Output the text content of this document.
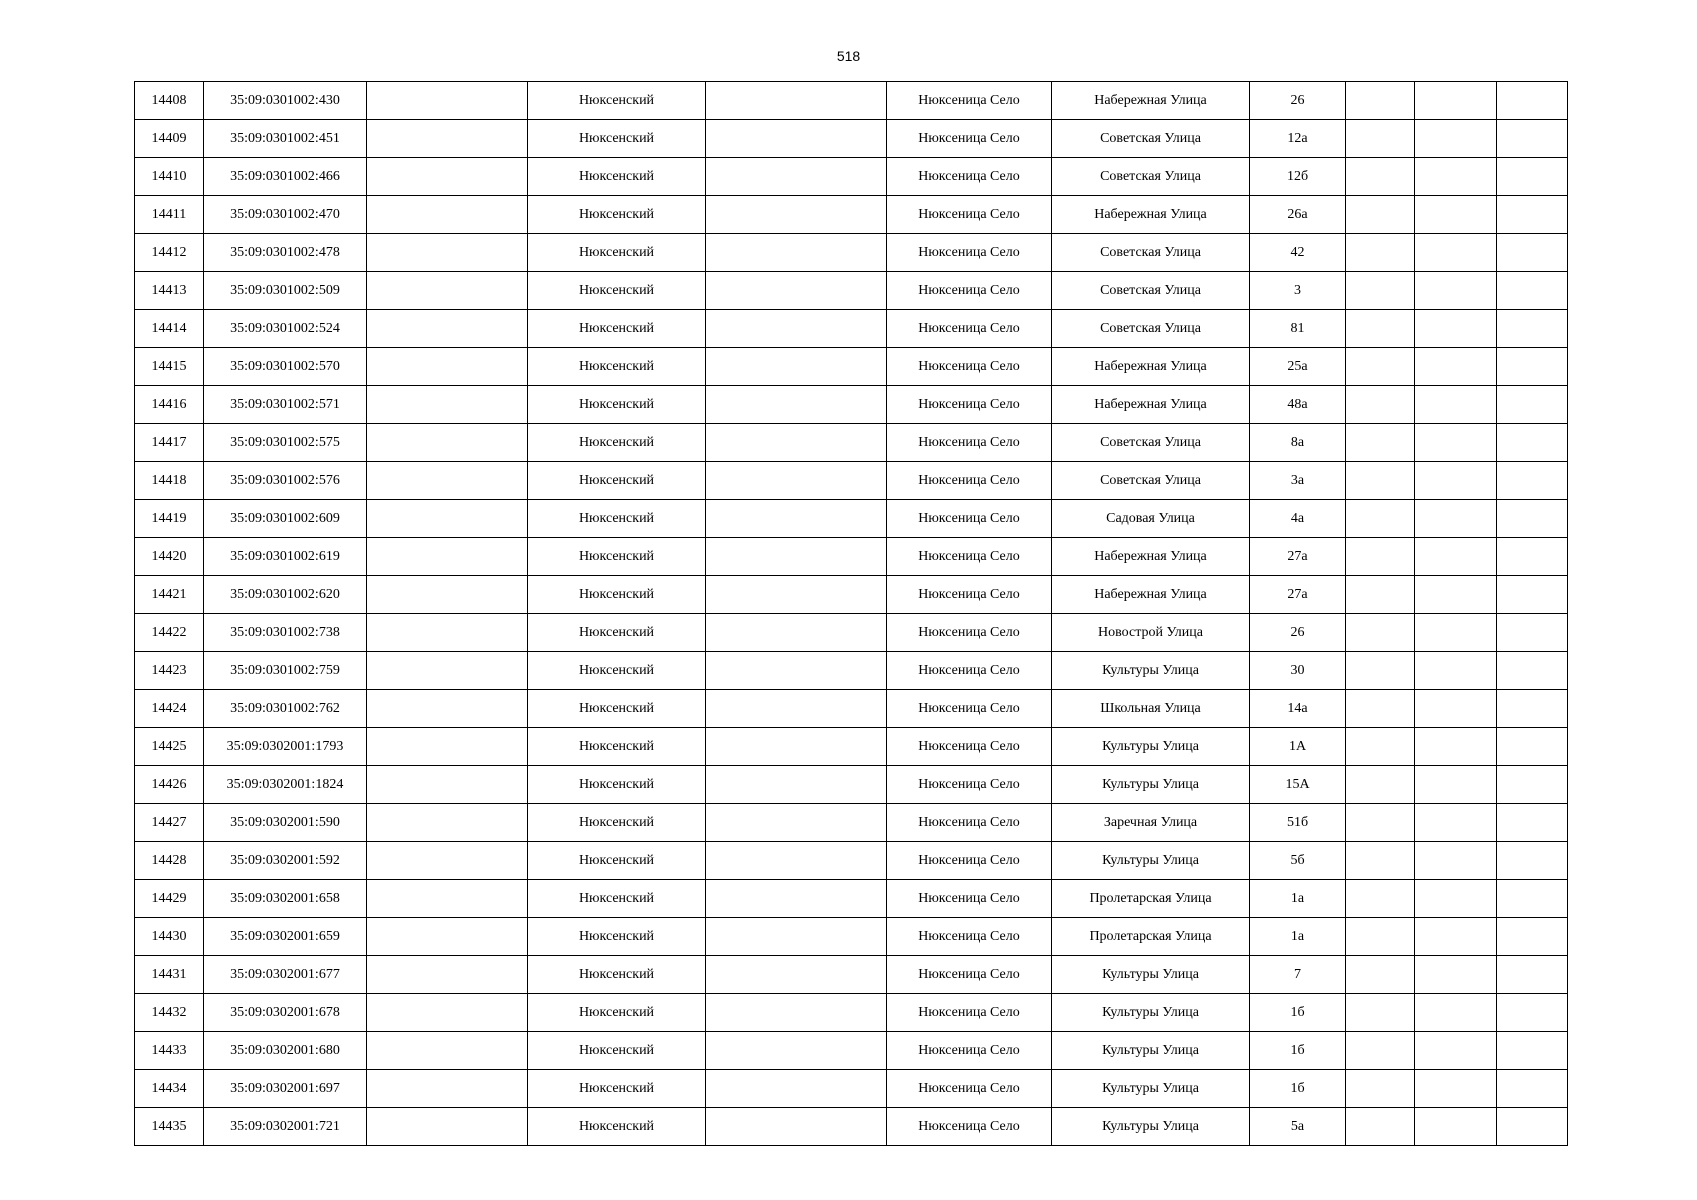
518
14408	35:09:0301002:430		Нюксенский		Нюксеница Село	Набережная Улица	26			
14409	35:09:0301002:451		Нюксенский		Нюксеница Село	Советская Улица	12а			
14410	35:09:0301002:466		Нюксенский		Нюксеница Село	Советская Улица	12б			
14411	35:09:0301002:470		Нюксенский		Нюксеница Село	Набережная Улица	26а			
14412	35:09:0301002:478		Нюксенский		Нюксеница Село	Советская Улица	42			
14413	35:09:0301002:509		Нюксенский		Нюксеница Село	Советская Улица	3			
14414	35:09:0301002:524		Нюксенский		Нюксеница Село	Советская Улица	81			
14415	35:09:0301002:570		Нюксенский		Нюксеница Село	Набережная Улица	25а			
14416	35:09:0301002:571		Нюксенский		Нюксеница Село	Набережная Улица	48а			
14417	35:09:0301002:575		Нюксенский		Нюксеница Село	Советская Улица	8а			
14418	35:09:0301002:576		Нюксенский		Нюксеница Село	Советская Улица	3а			
14419	35:09:0301002:609		Нюксенский		Нюксеница Село	Садовая Улица	4а			
14420	35:09:0301002:619		Нюксенский		Нюксеница Село	Набережная Улица	27а			
14421	35:09:0301002:620		Нюксенский		Нюксеница Село	Набережная Улица	27а			
14422	35:09:0301002:738		Нюксенский		Нюксеница Село	Новострой Улица	26			
14423	35:09:0301002:759		Нюксенский		Нюксеница Село	Культуры Улица	30			
14424	35:09:0301002:762		Нюксенский		Нюксеница Село	Школьная Улица	14а			
14425	35:09:0302001:1793		Нюксенский		Нюксеница Село	Культуры Улица	1А			
14426	35:09:0302001:1824		Нюксенский		Нюксеница Село	Культуры Улица	15А			
14427	35:09:0302001:590		Нюксенский		Нюксеница Село	Заречная Улица	51б			
14428	35:09:0302001:592		Нюксенский		Нюксеница Село	Культуры Улица	5б			
14429	35:09:0302001:658		Нюксенский		Нюксеница Село	Пролетарская Улица	1а			
14430	35:09:0302001:659		Нюксенский		Нюксеница Село	Пролетарская Улица	1а			
14431	35:09:0302001:677		Нюксенский		Нюксеница Село	Культуры Улица	7			
14432	35:09:0302001:678		Нюксенский		Нюксеница Село	Культуры Улица	1б			
14433	35:09:0302001:680		Нюксенский		Нюксеница Село	Культуры Улица	1б			
14434	35:09:0302001:697		Нюксенский		Нюксеница Село	Культуры Улица	1б			
14435	35:09:0302001:721		Нюксенский		Нюксеница Село	Культуры Улица	5а			
